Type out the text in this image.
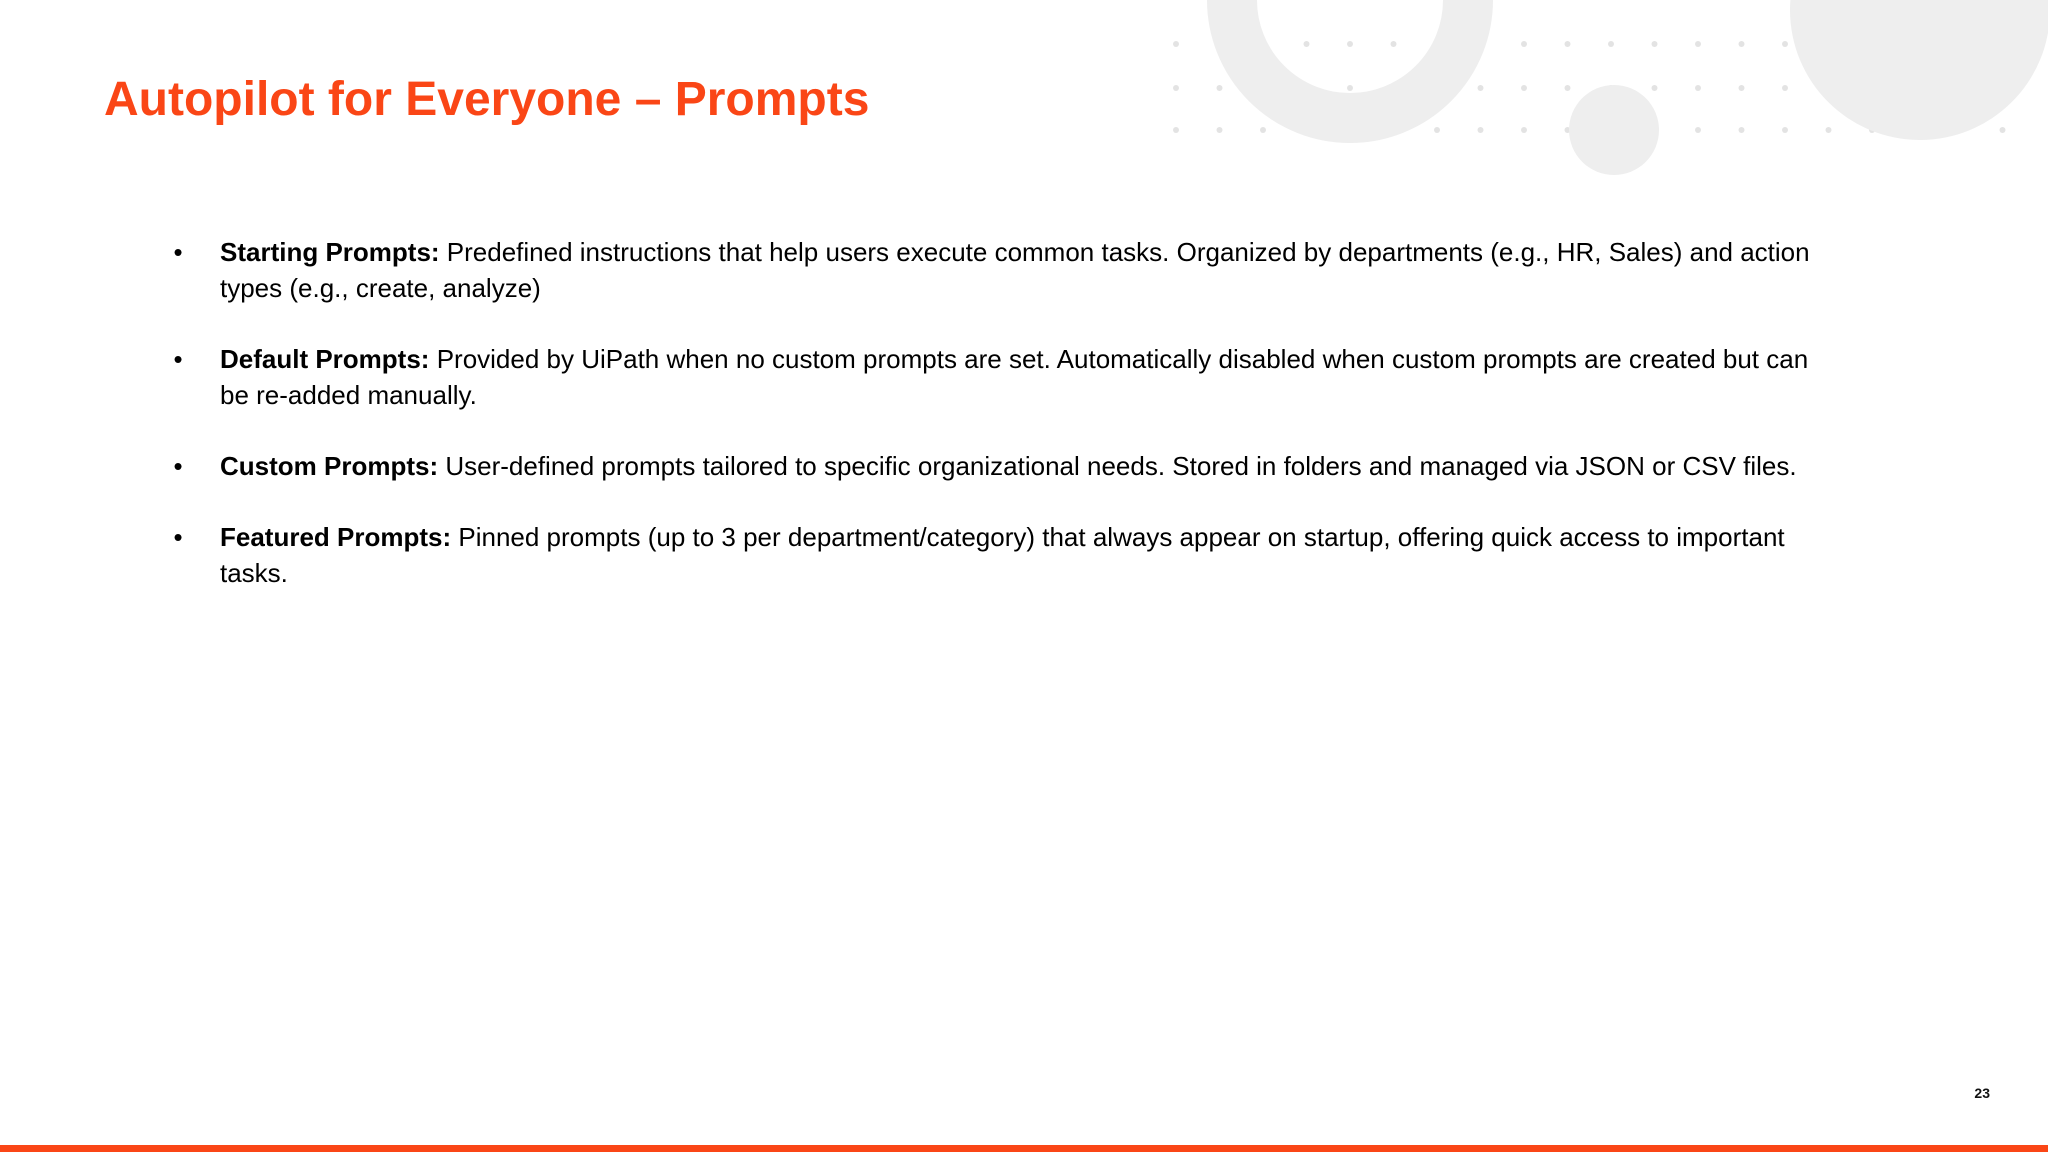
Autopilot for Everyone – Prompts
• Starting Prompts: Predefined instructions that help users execute common tasks. Organized by departments (e.g., HR, Sales) and action types (e.g., create, analyze)
• Default Prompts: Provided by UiPath when no custom prompts are set. Automatically disabled when custom prompts are created but can be re-added manually.
• Custom Prompts: User-defined prompts tailored to specific organizational needs. Stored in folders and managed via JSON or CSV files.
• Featured Prompts: Pinned prompts (up to 3 per department/category) that always appear on startup, offering quick access to important tasks.
23
